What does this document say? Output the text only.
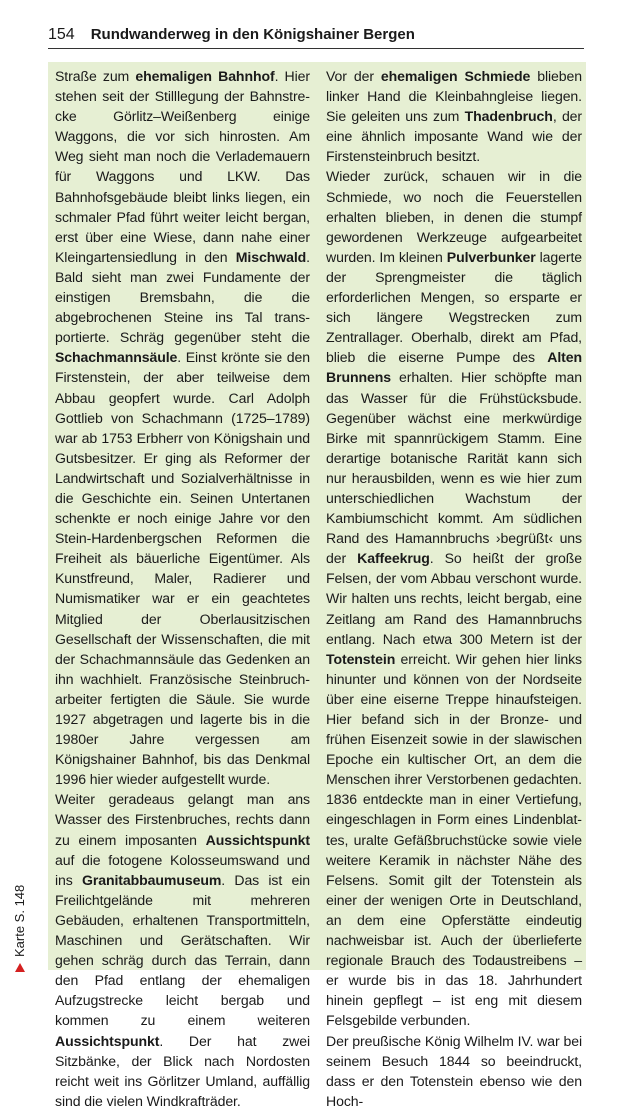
154 Rundwanderweg in den Königshainer Bergen

Straße zum ehemaligen Bahnhof. Hier stehen seit der Stilllegung der Bahnstrecke Görlitz–Weißenberg einige Waggons, die vor sich hinrosten. Am Weg sieht man noch die Verlademauern für Waggons und LKW. Das Bahnhofsgebäude bleibt links liegen, ein schmaler Pfad führt weiter leicht bergan, erst über eine Wiese, dann nahe einer Kleingartensiedlung in den Mischwald. Bald sieht man zwei Fundamente der einstigen Bremsbahn, die die abgebrochenen Steine ins Tal transportierte. Schräg gegenüber steht die Schachmannsäule. Einst krönte sie den Firstenstein, der aber teilweise dem Abbau geopfert wurde. Carl Adolph Gottlieb von Schachmann (1725–1789) war ab 1753 Erbherr von Königshain und Gutsbesitzer. Er ging als Reformer der Landwirtschaft und Sozialverhältnisse in die Geschichte ein. Seinen Untertanen schenkte er noch einige Jahre vor den Stein-Hardenbergschen Reformen die Freiheit als bäuerliche Eigentümer. Als Kunstfreund, Maler, Radierer und Numismatiker war er ein geachtetes Mitglied der Oberlausitzischen Gesellschaft der Wissenschaften, die mit der Schachmannsäule das Gedenken an ihn wachhielt. Französische Steinbrucharbeiter fertigten die Säule. Sie wurde 1927 abgetragen und lagerte bis in die 1980er Jahre vergessen am Königshainer Bahnhof, bis das Denkmal 1996 hier wieder aufgestellt wurde.

Weiter geradeaus gelangt man ans Wasser des Firstenbruches, rechts dann zu einem imposanten Aussichtspunkt auf die fotogene Kolosseumswand und ins Granitabbaumuseum. Das ist ein Freilichtgelände mit mehreren Gebäuden, erhaltenen Transportmitteln, Maschinen und Gerätschaften. Wir gehen schräg durch das Terrain, dann den Pfad entlang der ehemaligen Aufzugstrecke leicht bergab und kommen zu einem weiteren Aussichtspunkt. Der hat zwei Sitzbänke, der Blick nach Nordosten reicht weit ins Görlitzer Umland, auffällig sind die vielen Windkrafträder.

Vor der ehemaligen Schmiede blieben linker Hand die Kleinbahngleise liegen. Sie geleiten uns zum Thadenbruch, der eine ähnlich imposante Wand wie der Firstensteinbruch besitzt.

Wieder zurück, schauen wir in die Schmiede, wo noch die Feuerstellen erhalten blieben, in denen die stumpf gewordenen Werkzeuge aufgearbeitet wurden. Im kleinen Pulverbunker lagerte der Sprengmeister die täglich erforderlichen Mengen, so ersparte er sich längere Wegstrecken zum Zentrallager. Oberhalb, direkt am Pfad, blieb die eiserne Pumpe des Alten Brunnens erhalten. Hier schöpfte man das Wasser für die Frühstücksbude. Gegenüber wächst eine merkwürdige Birke mit spannrückigem Stamm. Eine derartige botanische Rarität kann sich nur herausbilden, wenn es wie hier zum unterschiedlichen Wachstum der Kambiumschicht kommt. Am südlichen Rand des Hamannbruchs ›begrüßt‹ uns der Kaffeekrug. So heißt der große Felsen, der vom Abbau verschont wurde. Wir halten uns rechts, leicht bergab, eine Zeitlang am Rand des Hamannbruchs entlang. Nach etwa 300 Metern ist der Totenstein erreicht. Wir gehen hier links hinunter und können von der Nordseite über eine eiserne Treppe hinaufsteigen. Hier befand sich in der Bronze- und frühen Eisenzeit sowie in der slawischen Epoche ein kultischer Ort, an dem die Menschen ihrer Verstorbenen gedachten. 1836 entdeckte man in einer Vertiefung, eingeschlagen in Form eines Lindenblattes, uralte Gefäßbruchstücke sowie viele weitere Keramik in nächster Nähe des Felsens. Somit gilt der Totenstein als einer der wenigen Orte in Deutschland, an dem eine Opferstätte eindeutig nachweisbar ist. Auch der überlieferte regionale Brauch des Todaustreibens – er wurde bis in das 18. Jahrhundert hinein gepflegt – ist eng mit diesem Felsgebilde verbunden.

Der preußische König Wilhelm IV. war bei seinem Besuch 1844 so beeindruckt, dass er den Totenstein ebenso wie den Hoch-

Karte S. 148
